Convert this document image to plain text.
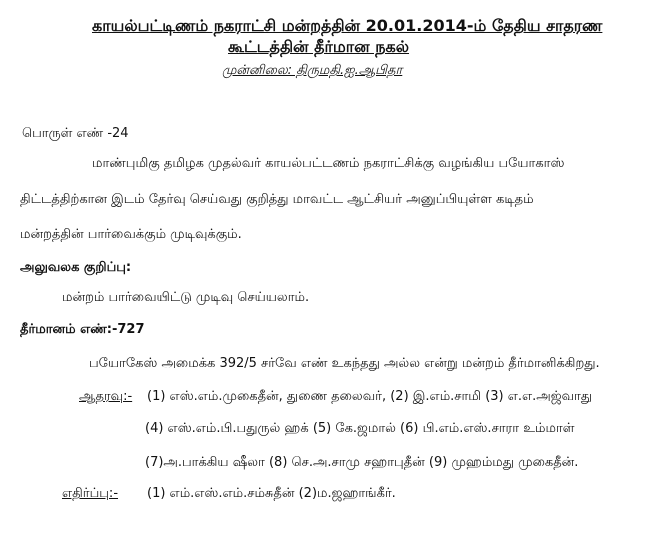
காயல்பட்டிணம் நகராட்சி மன்றத்தின் 20.01.2014-ம் தேதிய சாதரண
கூட்டத்தின் தீர்மான நகல்
முன்னிலை: திருமதி.ஐ.ஆபிதா
பொருள் எண் -24
மாண்புமிகு தமிழக முதல்வர் காயல்பட்டணம் நகராட்சிக்கு வழங்கிய பயோகாஸ்
திட்டத்திற்கான இடம் தேர்வு செய்வது குறித்து மாவட்ட ஆட்சியர் அனுப்பியுள்ள கடிதம்
மன்றத்தின் பார்வைக்கும் முடிவுக்கும்.
அலுவலக குறிப்பு:
மன்றம் பார்வையிட்டு முடிவு செய்யலாம்.
தீர்மானம் எண்:-727
பயோகேஸ் அமைக்க 392/5 சர்வே எண் உகந்தது அல்ல என்று மன்றம் தீர்மானிக்கிறது.
ஆதரவு:- (1) எஸ்.எம்.முகைதீன், துணை தலைவர், (2) இ.எம்.சாமி (3) எ.எ.அஜ்வாது
(4) எஸ்.எம்.பி.பதுருல் ஹக் (5) கே.ஜமால் (6) பி.எம்.எஸ்.சாரா உம்மாள்
(7)அ.பாக்கிய ஷீலா (8) செ.அ.சாமு சஹாபுதீன் (9) முஹம்மது முகைதீன்.
எதிர்ப்பு:- (1) எம்.எஸ்.எம்.சம்சுதீன் (2)ம.ஜஹாங்கீர்.
